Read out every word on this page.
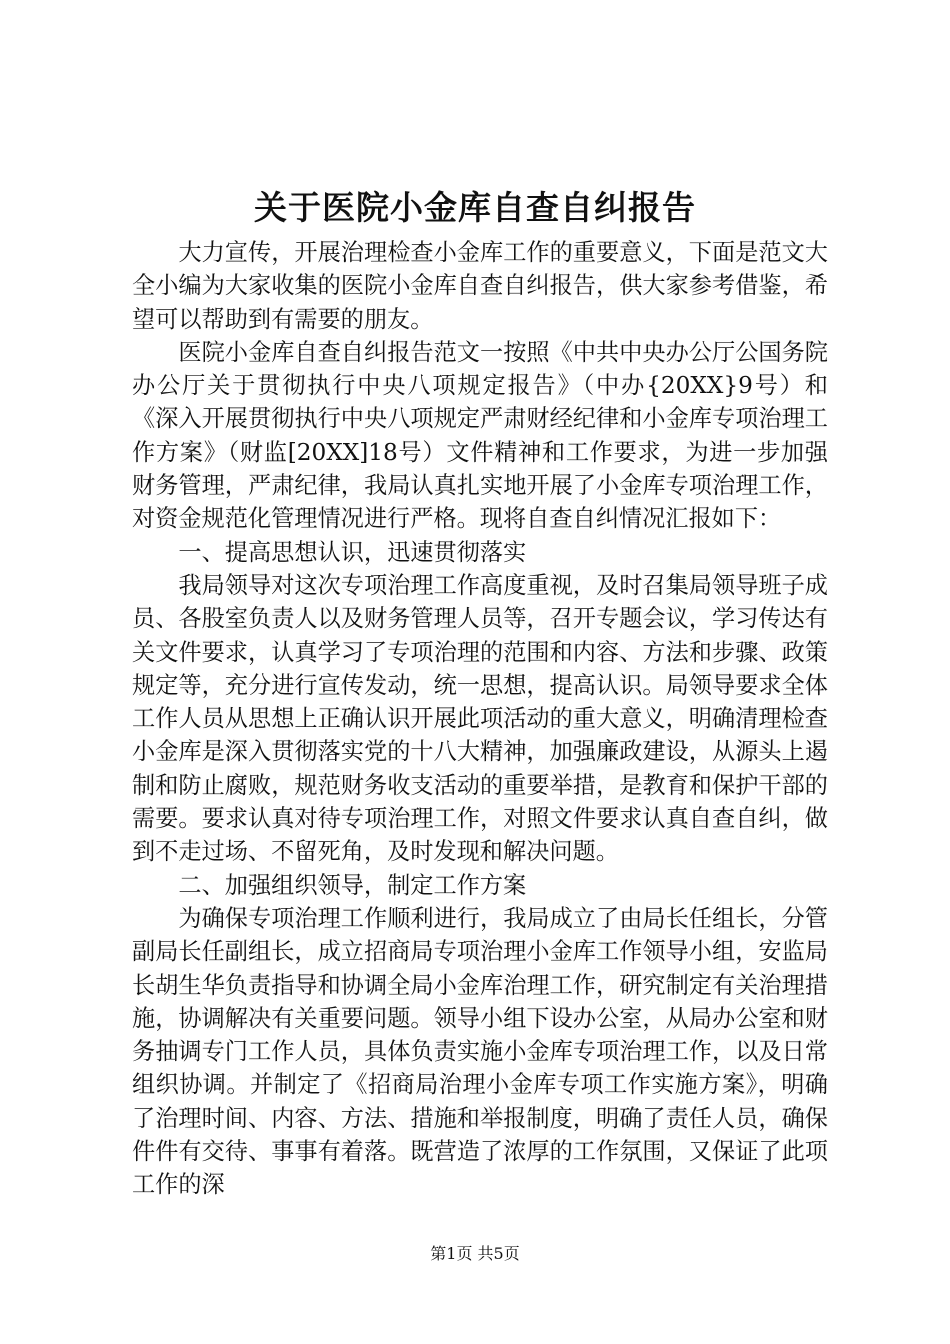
关于医院小金库自查自纠报告

大力宣传，开展治理检查小金库工作的重要意义，下面是范文大全小编为大家收集的医院小金库自查自纠报告，供大家参考借鉴，希望可以帮助到有需要的朋友。

医院小金库自查自纠报告范文一按照《中共中央办公厅公国务院办公厅关于贯彻执行中央八项规定报告》（中办{20XX}9号）和《深入开展贯彻执行中央八项规定严肃财经纪律和小金库专项治理工作方案》（财监[20XX]18号）文件精神和工作要求，为进一步加强财务管理，严肃纪律，我局认真扎实地开展了小金库专项治理工作，对资金规范化管理情况进行严格。现将自查自纠情况汇报如下：

一、提高思想认识，迅速贯彻落实

我局领导对这次专项治理工作高度重视，及时召集局领导班子成员、各股室负责人以及财务管理人员等，召开专题会议，学习传达有关文件要求，认真学习了专项治理的范围和内容、方法和步骤、政策规定等，充分进行宣传发动，统一思想，提高认识。局领导要求全体工作人员从思想上正确认识开展此项活动的重大意义，明确清理检查小金库是深入贯彻落实党的十八大精神，加强廉政建设，从源头上遏制和防止腐败，规范财务收支活动的重要举措，是教育和保护干部的需要。要求认真对待专项治理工作，对照文件要求认真自查自纠，做到不走过场、不留死角，及时发现和解决问题。

二、加强组织领导，制定工作方案

为确保专项治理工作顺利进行，我局成立了由局长任组长，分管副局长任副组长，成立招商局专项治理小金库工作领导小组，安监局长胡生华负责指导和协调全局小金库治理工作，研究制定有关治理措施，协调解决有关重要问题。领导小组下设办公室，从局办公室和财务抽调专门工作人员，具体负责实施小金库专项治理工作，以及日常组织协调。并制定了《招商局治理小金库专项工作实施方案》，明确了治理时间、内容、方法、措施和举报制度，明确了责任人员，确保件件有交待、事事有着落。既营造了浓厚的工作氛围，又保证了此项工作的深

第1页 共5页
